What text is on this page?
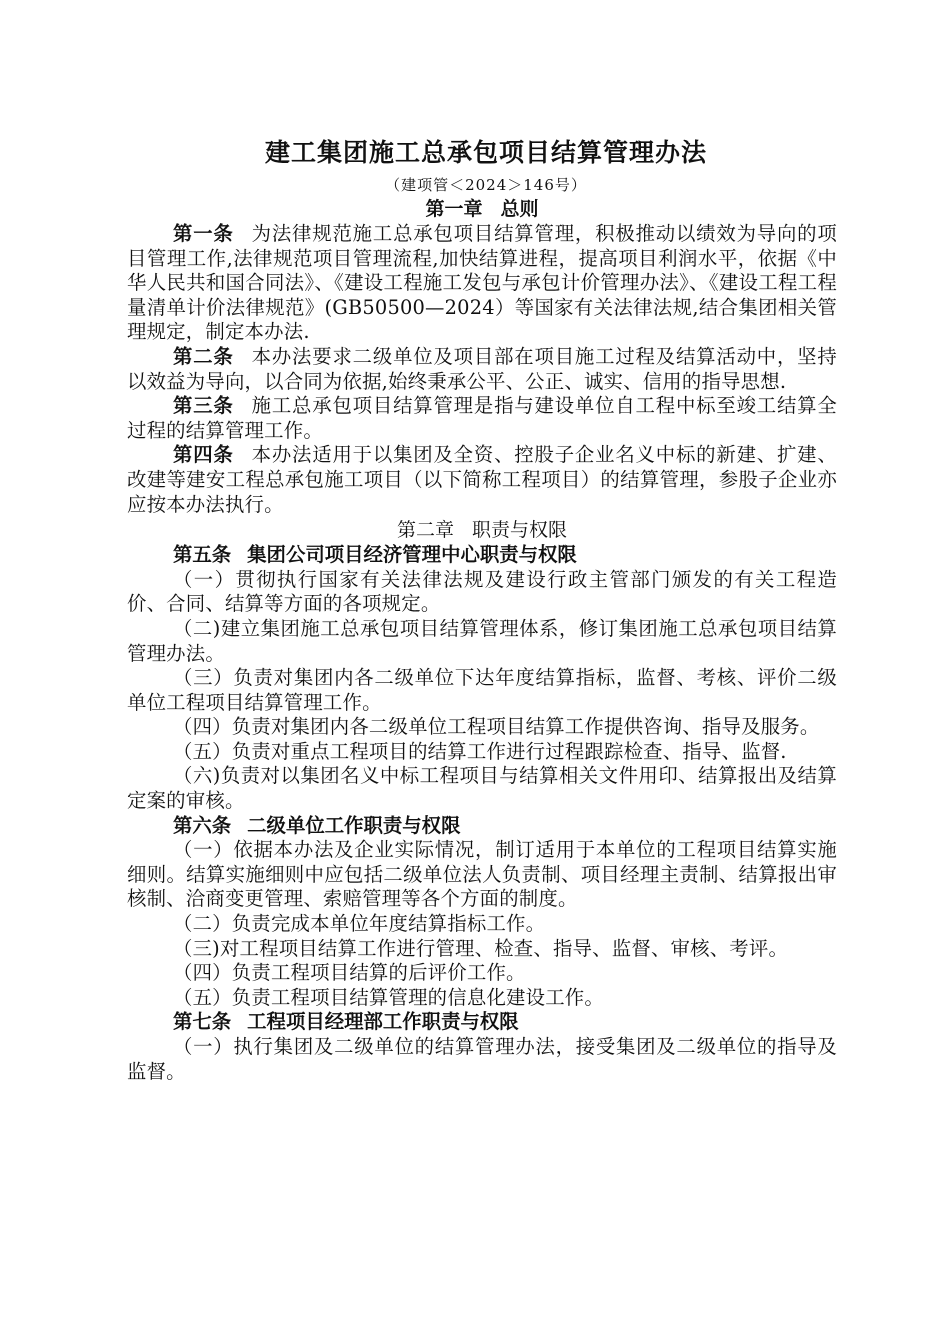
建工集团施工总承包项目结算管理办法
（建项管＜2024＞146号）
第一章 总则

第一条 为法律规范施工总承包项目结算管理，积极推动以绩效为导向的项目管理工作,法律规范项目管理流程,加快结算进程，提高项目利润水平，依据《中华人民共和国合同法》、《建设工程施工发包与承包计价管理办法》、《建设工程工程量清单计价法律规范》(GB50500—2024）等国家有关法律法规,结合集团相关管理规定，制定本办法.

第二条 本办法要求二级单位及项目部在项目施工过程及结算活动中，坚持以效益为导向，以合同为依据,始终秉承公平、公正、诚实、信用的指导思想.

第三条 施工总承包项目结算管理是指与建设单位自工程中标至竣工结算全过程的结算管理工作。

第四条 本办法适用于以集团及全资、控股子企业名义中标的新建、扩建、改建等建安工程总承包施工项目（以下简称工程项目）的结算管理，参股子企业亦应按本办法执行。

第二章 职责与权限
第五条 集团公司项目经济管理中心职责与权限

（一）贯彻执行国家有关法律法规及建设行政主管部门颁发的有关工程造价、合同、结算等方面的各项规定。

（二)建立集团施工总承包项目结算管理体系，修订集团施工总承包项目结算管理办法。

（三）负责对集团内各二级单位下达年度结算指标，监督、考核、评价二级单位工程项目结算管理工作。

（四）负责对集团内各二级单位工程项目结算工作提供咨询、指导及服务。

（五）负责对重点工程项目的结算工作进行过程跟踪检查、指导、监督.

（六)负责对以集团名义中标工程项目与结算相关文件用印、结算报出及结算定案的审核。

第六条 二级单位工作职责与权限

（一）依据本办法及企业实际情况，制订适用于本单位的工程项目结算实施细则。结算实施细则中应包括二级单位法人负责制、项目经理主责制、结算报出审核制、洽商变更管理、索赔管理等各个方面的制度。

（二）负责完成本单位年度结算指标工作。

（三)对工程项目结算工作进行管理、检查、指导、监督、审核、考评。

（四）负责工程项目结算的后评价工作。

（五）负责工程项目结算管理的信息化建设工作。

第七条 工程项目经理部工作职责与权限

（一）执行集团及二级单位的结算管理办法，接受集团及二级单位的指导及监督。
